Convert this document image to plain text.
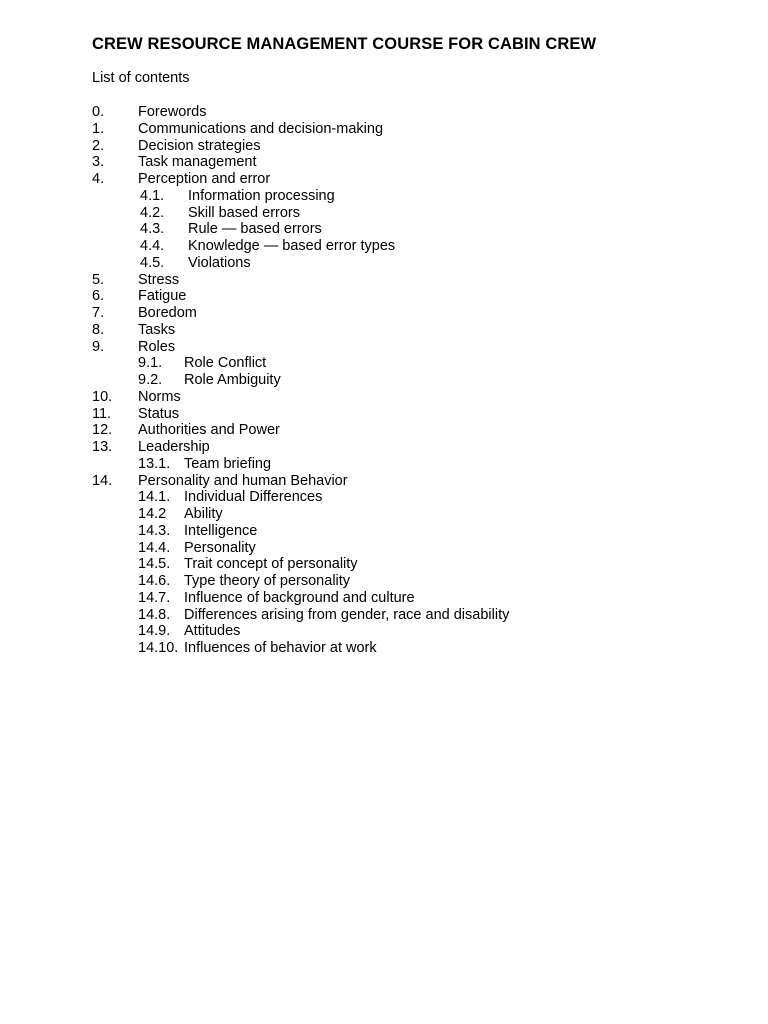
CREW RESOURCE MANAGEMENT COURSE FOR CABIN CREW
List of contents
0. Forewords
1. Communications and decision-making
2. Decision strategies
3. Task management
4. Perception and error
4.1. Information processing
4.2. Skill based errors
4.3. Rule — based errors
4.4. Knowledge — based error types
4.5. Violations
5. Stress
6. Fatigue
7. Boredom
8. Tasks
9. Roles
9.1. Role Conflict
9.2. Role Ambiguity
10. Norms
11. Status
12. Authorities and Power
13. Leadership
13.1. Team briefing
14. Personality and human Behavior
14.1. Individual Differences
14.2 Ability
14.3. Intelligence
14.4. Personality
14.5. Trait concept of personality
14.6. Type theory of personality
14.7. Influence of background and culture
14.8. Differences arising from gender, race and disability
14.9. Attitudes
14.10. Influences of behavior at work
